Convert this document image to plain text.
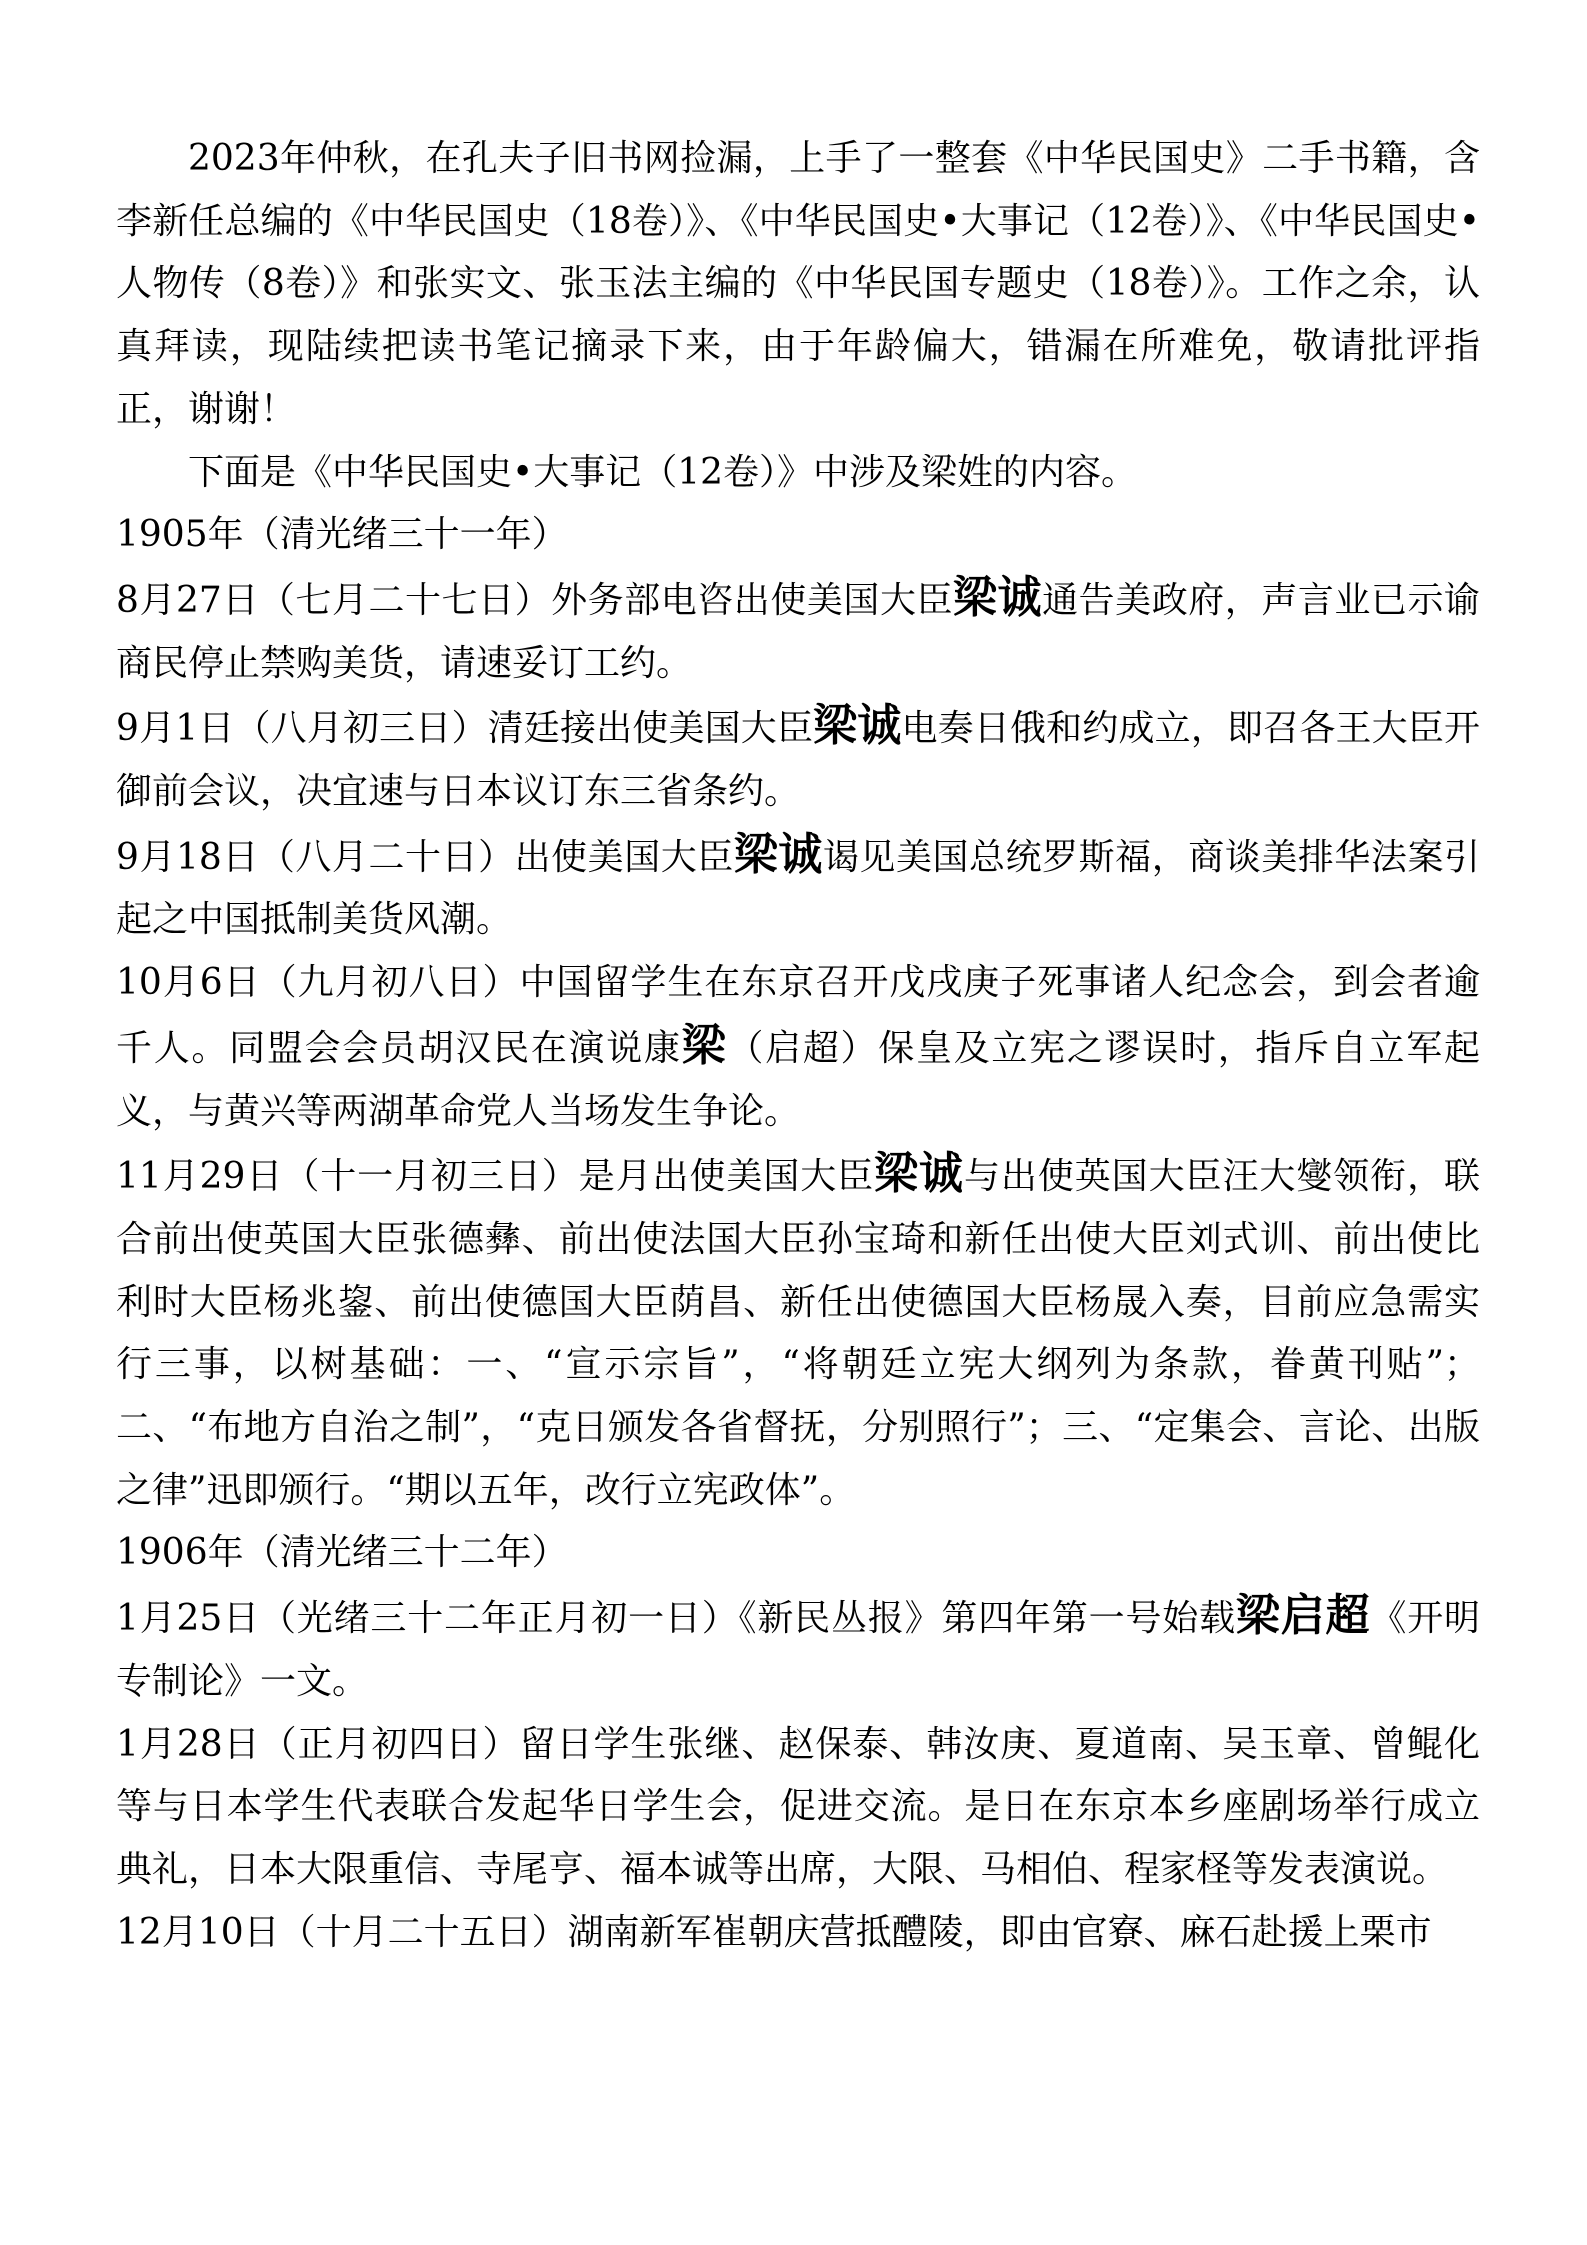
2023年仲秋，在孔夫子旧书网捡漏，上手了一整套《中华民国史》二手书籍，含李新任总编的《中华民国史（18卷）》、《中华民国史•大事记（12卷）》、《中华民国史•人物传（8卷）》和张实文、张玉法主编的《中华民国专题史（18卷）》。工作之余，认真拜读，现陆续把读书笔记摘录下来，由于年龄偏大，错漏在所难免，敬请批评指正，谢谢！

下面是《中华民国史•大事记（12卷）》中涉及梁姓的内容。

1905年（清光绪三十一年）

8月27日（七月二十七日）外务部电咨出使美国大臣梁诚通告美政府，声言业已示谕商民停止禁购美货，请速妥订工约。

9月1日（八月初三日）清廷接出使美国大臣梁诚电奏日俄和约成立，即召各王大臣开御前会议，决宜速与日本议订东三省条约。

9月18日（八月二十日）出使美国大臣梁诚谒见美国总统罗斯福，商谈美排华法案引起之中国抵制美货风潮。

10月6日（九月初八日）中国留学生在东京召开戊戌庚子死事诸人纪念会，到会者逾千人。同盟会会员胡汉民在演说康梁（启超）保皇及立宪之谬误时，指斥自立军起义，与黄兴等两湖革命党人当场发生争论。

11月29日（十一月初三日）是月出使美国大臣梁诚与出使英国大臣汪大燮领衔，联合前出使英国大臣张德彝、前出使法国大臣孙宝琦和新任出使大臣刘式训、前出使比利时大臣杨兆鋆、前出使德国大臣荫昌、新任出使德国大臣杨晟入奏，目前应急需实行三事，以树基础：一、“宣示宗旨”，“将朝廷立宪大纲列为条款，眷黄刊贴”；二、“布地方自治之制”，“克日颁发各省督抚，分别照行”；三、“定集会、言论、出版之律”迅即颁行。“期以五年，改行立宪政体”。

1906年（清光绪三十二年）

1月25日（光绪三十二年正月初一日）《新民丛报》第四年第一号始载梁启超《开明专制论》一文。

1月28日（正月初四日）留日学生张继、赵保泰、韩汝庚、夏道南、吴玉章、曾鲲化等与日本学生代表联合发起华日学生会，促进交流。是日在东京本乡座剧场举行成立典礼，日本大限重信、寺尾亨、福本诚等出席，大限、马相伯、程家柽等发表演说。

12月10日（十月二十五日）湖南新军崔朝庆营抵醴陵，即由官寮、麻石赴援上栗市
